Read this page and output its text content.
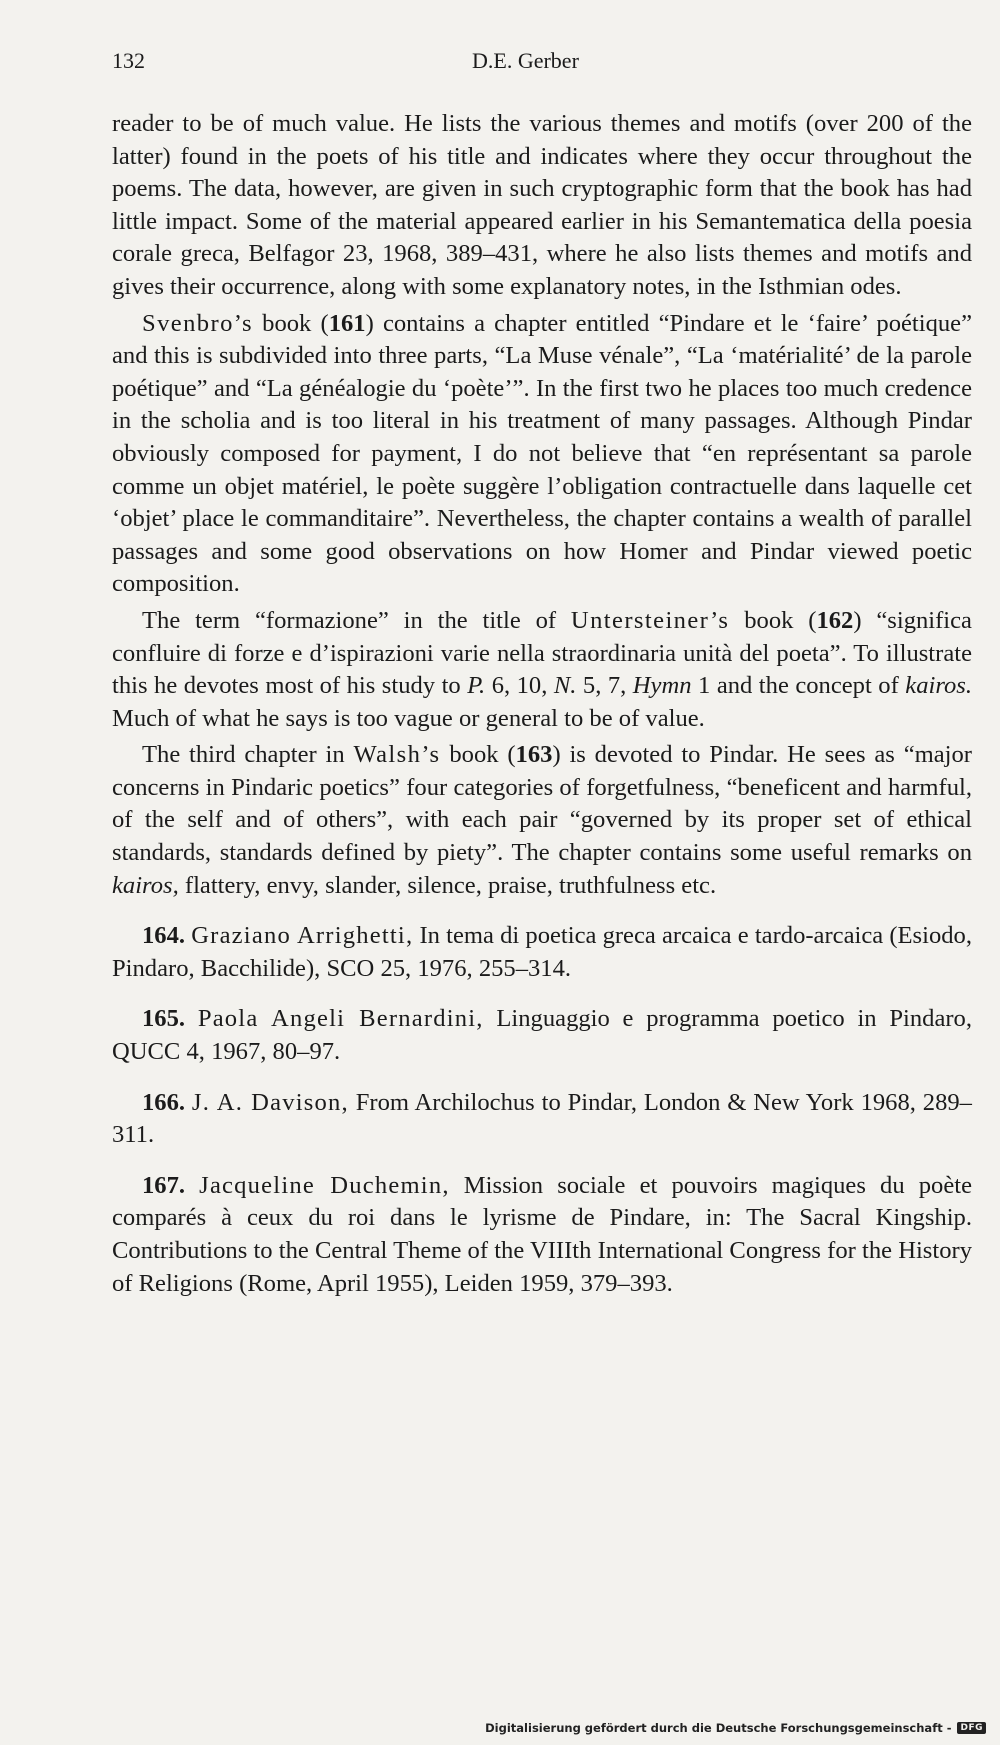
132	D.E. Gerber

reader to be of much value. He lists the various themes and motifs (over 200 of the latter) found in the poets of his title and indicates where they occur throughout the poems. The data, however, are given in such cryptographic form that the book has had little impact. Some of the material appeared earlier in his Semantematica della poesia corale greca, Belfagor 23, 1968, 389–431, where he also lists themes and motifs and gives their occurrence, along with some explanatory notes, in the Isthmian odes.

Svenbro’s book (161) contains a chapter entitled “Pindare et le ‘faire’ poétique” and this is subdivided into three parts, “La Muse vénale”, “La ‘matérialité’ de la parole poétique” and “La généalogie du ‘poète’”. In the first two he places too much credence in the scholia and is too literal in his treatment of many passages. Although Pindar obviously composed for payment, I do not believe that “en représentant sa parole comme un objet matériel, le poète suggère l’obligation contractuelle dans laquelle cet ‘objet’ place le commanditaire”. Nevertheless, the chapter contains a wealth of parallel passages and some good observations on how Homer and Pindar viewed poetic composition.

The term “formazione” in the title of Untersteiner’s book (162) “significa confluire di forze e d’ispirazioni varie nella straordinaria unità del poeta”. To illustrate this he devotes most of his study to P. 6, 10, N. 5, 7, Hymn 1 and the concept of kairos. Much of what he says is too vague or general to be of value.

The third chapter in Walsh’s book (163) is devoted to Pindar. He sees as “major concerns in Pindaric poetics” four categories of forgetfulness, “beneficent and harmful, of the self and of others”, with each pair “governed by its proper set of ethical standards, standards defined by piety”. The chapter contains some useful remarks on kairos, flattery, envy, slander, silence, praise, truthfulness etc.

164. Graziano Arrighetti, In tema di poetica greca arcaica e tardo-arcaica (Esiodo, Pindaro, Bacchilide), SCO 25, 1976, 255–314.

165. Paola Angeli Bernardini, Linguaggio e programma poetico in Pindaro, QUCC 4, 1967, 80–97.

166. J. A. Davison, From Archilochus to Pindar, London & New York 1968, 289–311.

167. Jacqueline Duchemin, Mission sociale et pouvoirs magiques du poète comparés à ceux du roi dans le lyrisme de Pindare, in: The Sacral Kingship. Contributions to the Central Theme of the VIIIth International Congress for the History of Religions (Rome, April 1955), Leiden 1959, 379–393.

Digitalisierung gefördert durch die Deutsche Forschungsgemeinschaft -	DFG
